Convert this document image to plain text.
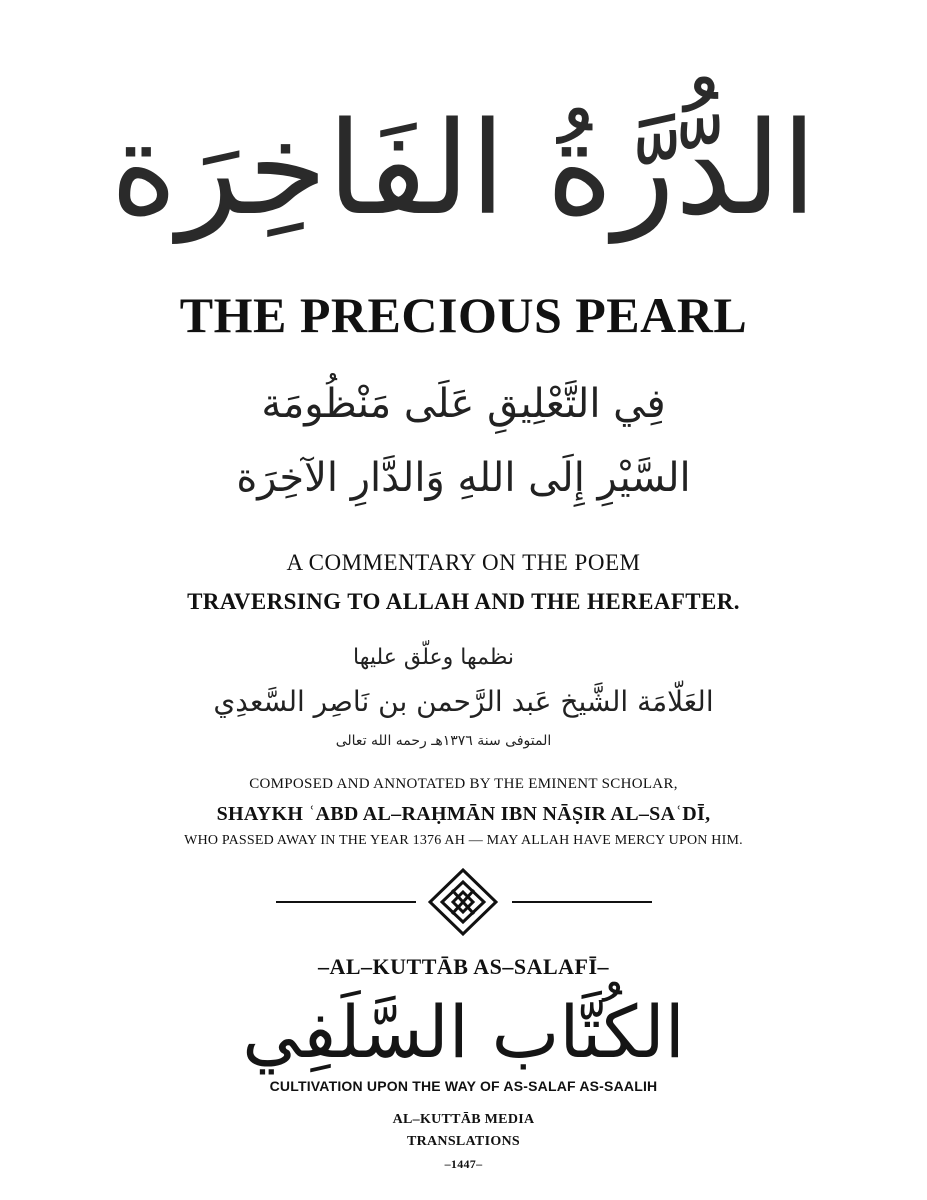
الدُّرَّةُ الفَاخِرَة
THE PRECIOUS PEARL
فِي التَّعْلِيقِ عَلَى مَنْظُومَة
السَّيْرِ إِلَى اللهِ وَالدَّارِ الآخِرَة
A COMMENTARY ON THE POEM
TRAVERSING TO ALLAH AND THE HEREAFTER.
نظمها وعلّق عليها
العَلّامَة الشَّيخ عَبد الرَّحمن بن نَاصِر السَّعدِي
المتوفى سنة ١٣٧٦هـ رحمه الله تعالى
COMPOSED AND ANNOTATED BY THE EMINENT SCHOLAR,
SHAYKH ʿABD AL–RAḤMĀN IBN NĀṢIR AL–SAʿDĪ,
WHO PASSED AWAY IN THE YEAR 1376 AH — MAY ALLAH HAVE MERCY UPON HIM.
–AL–KUTTĀB AS–SALAFĪ–
الكُتَّاب السَّلَفِي
CULTIVATION UPON THE WAY OF AS-SALAF AS-SAALIH
AL–KUTTĀB MEDIA
TRANSLATIONS
–1447–
